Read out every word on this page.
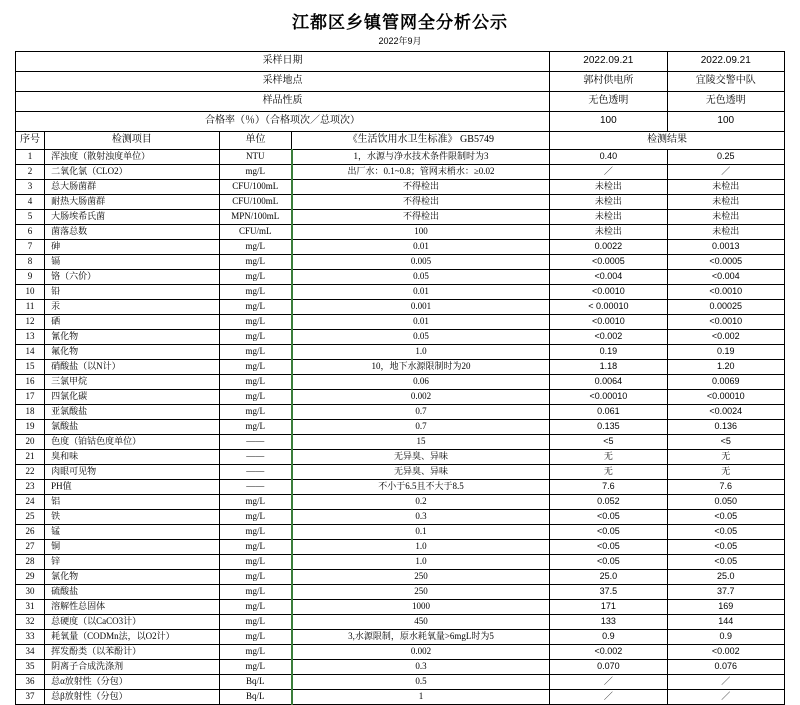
江都区乡镇管网全分析公示
2022年9月
采样日期				2022.09.21	2022.09.21
采样地点				郭村供电所	宜陵交警中队
样品性质				无色透明	无色透明
合格率（％）（合格项次／总项次）				100	100
序号	检测项目	单位	《生活饮用水卫生标准》 GB5749	检测结果	
1	浑浊度（散射浊度单位）	NTU	1，水源与净水技术条件限制时为3	0.40	0.25
2	二氧化氯（CLO2）	mg/L	出厂水：0.1~0.8；管网末梢水：≥0.02	／	／
3	总大肠菌群	CFU/100mL	不得检出	未检出	未检出
4	耐热大肠菌群	CFU/100mL	不得检出	未检出	未检出
5	大肠埃希氏菌	MPN/100mL	不得检出	未检出	未检出
6	菌落总数	CFU/mL	100	未检出	未检出
7	砷	mg/L	0.01	0.0022	0.0013
8	镉	mg/L	0.005	<0.0005	<0.0005
9	铬（六价）	mg/L	0.05	<0.004	<0.004
10	铅	mg/L	0.01	<0.0010	<0.0010
11	汞	mg/L	0.001	< 0.00010	0.00025
12	硒	mg/L	0.01	<0.0010	<0.0010
13	氰化物	mg/L	0.05	<0.002	<0.002
14	氟化物	mg/L	1.0	0.19	0.19
15	硝酸盐（以N计）	mg/L	10，地下水源限制时为20	1.18	1.20
16	三氯甲烷	mg/L	0.06	0.0064	0.0069
17	四氯化碳	mg/L	0.002	<0.00010	<0.00010
18	亚氯酸盐	mg/L	0.7	0.061	<0.0024
19	氯酸盐	mg/L	0.7	0.135	0.136
20	色度（铂钴色度单位）	——	15	<5	<5
21	臭和味	——	无异臭、异味	无	无
22	肉眼可见物	——	无异臭、异味	无	无
23	PH值	——	不小于6.5且不大于8.5	7.6	7.6
24	铝	mg/L	0.2	0.052	0.050
25	铁	mg/L	0.3	<0.05	<0.05
26	锰	mg/L	0.1	<0.05	<0.05
27	铜	mg/L	1.0	<0.05	<0.05
28	锌	mg/L	1.0	<0.05	<0.05
29	氯化物	mg/L	250	25.0	25.0
30	硫酸盐	mg/L	250	37.5	37.7
31	溶解性总固体	mg/L	1000	171	169
32	总硬度（以CaCO3计）	mg/L	450	133	144
33	耗氧量（CODMn法，以O2计）	mg/L	3,水源限制，原水耗氧量>6mgL时为5	0.9	0.9
34	挥发酚类（以苯酚计）	mg/L	0.002	<0.002	<0.002
35	阴离子合成洗涤剂	mg/L	0.3	0.070	0.076
36	总α放射性（分包）	Bq/L	0.5	／	／
37	总β放射性（分包）	Bq/L	1	／	／
